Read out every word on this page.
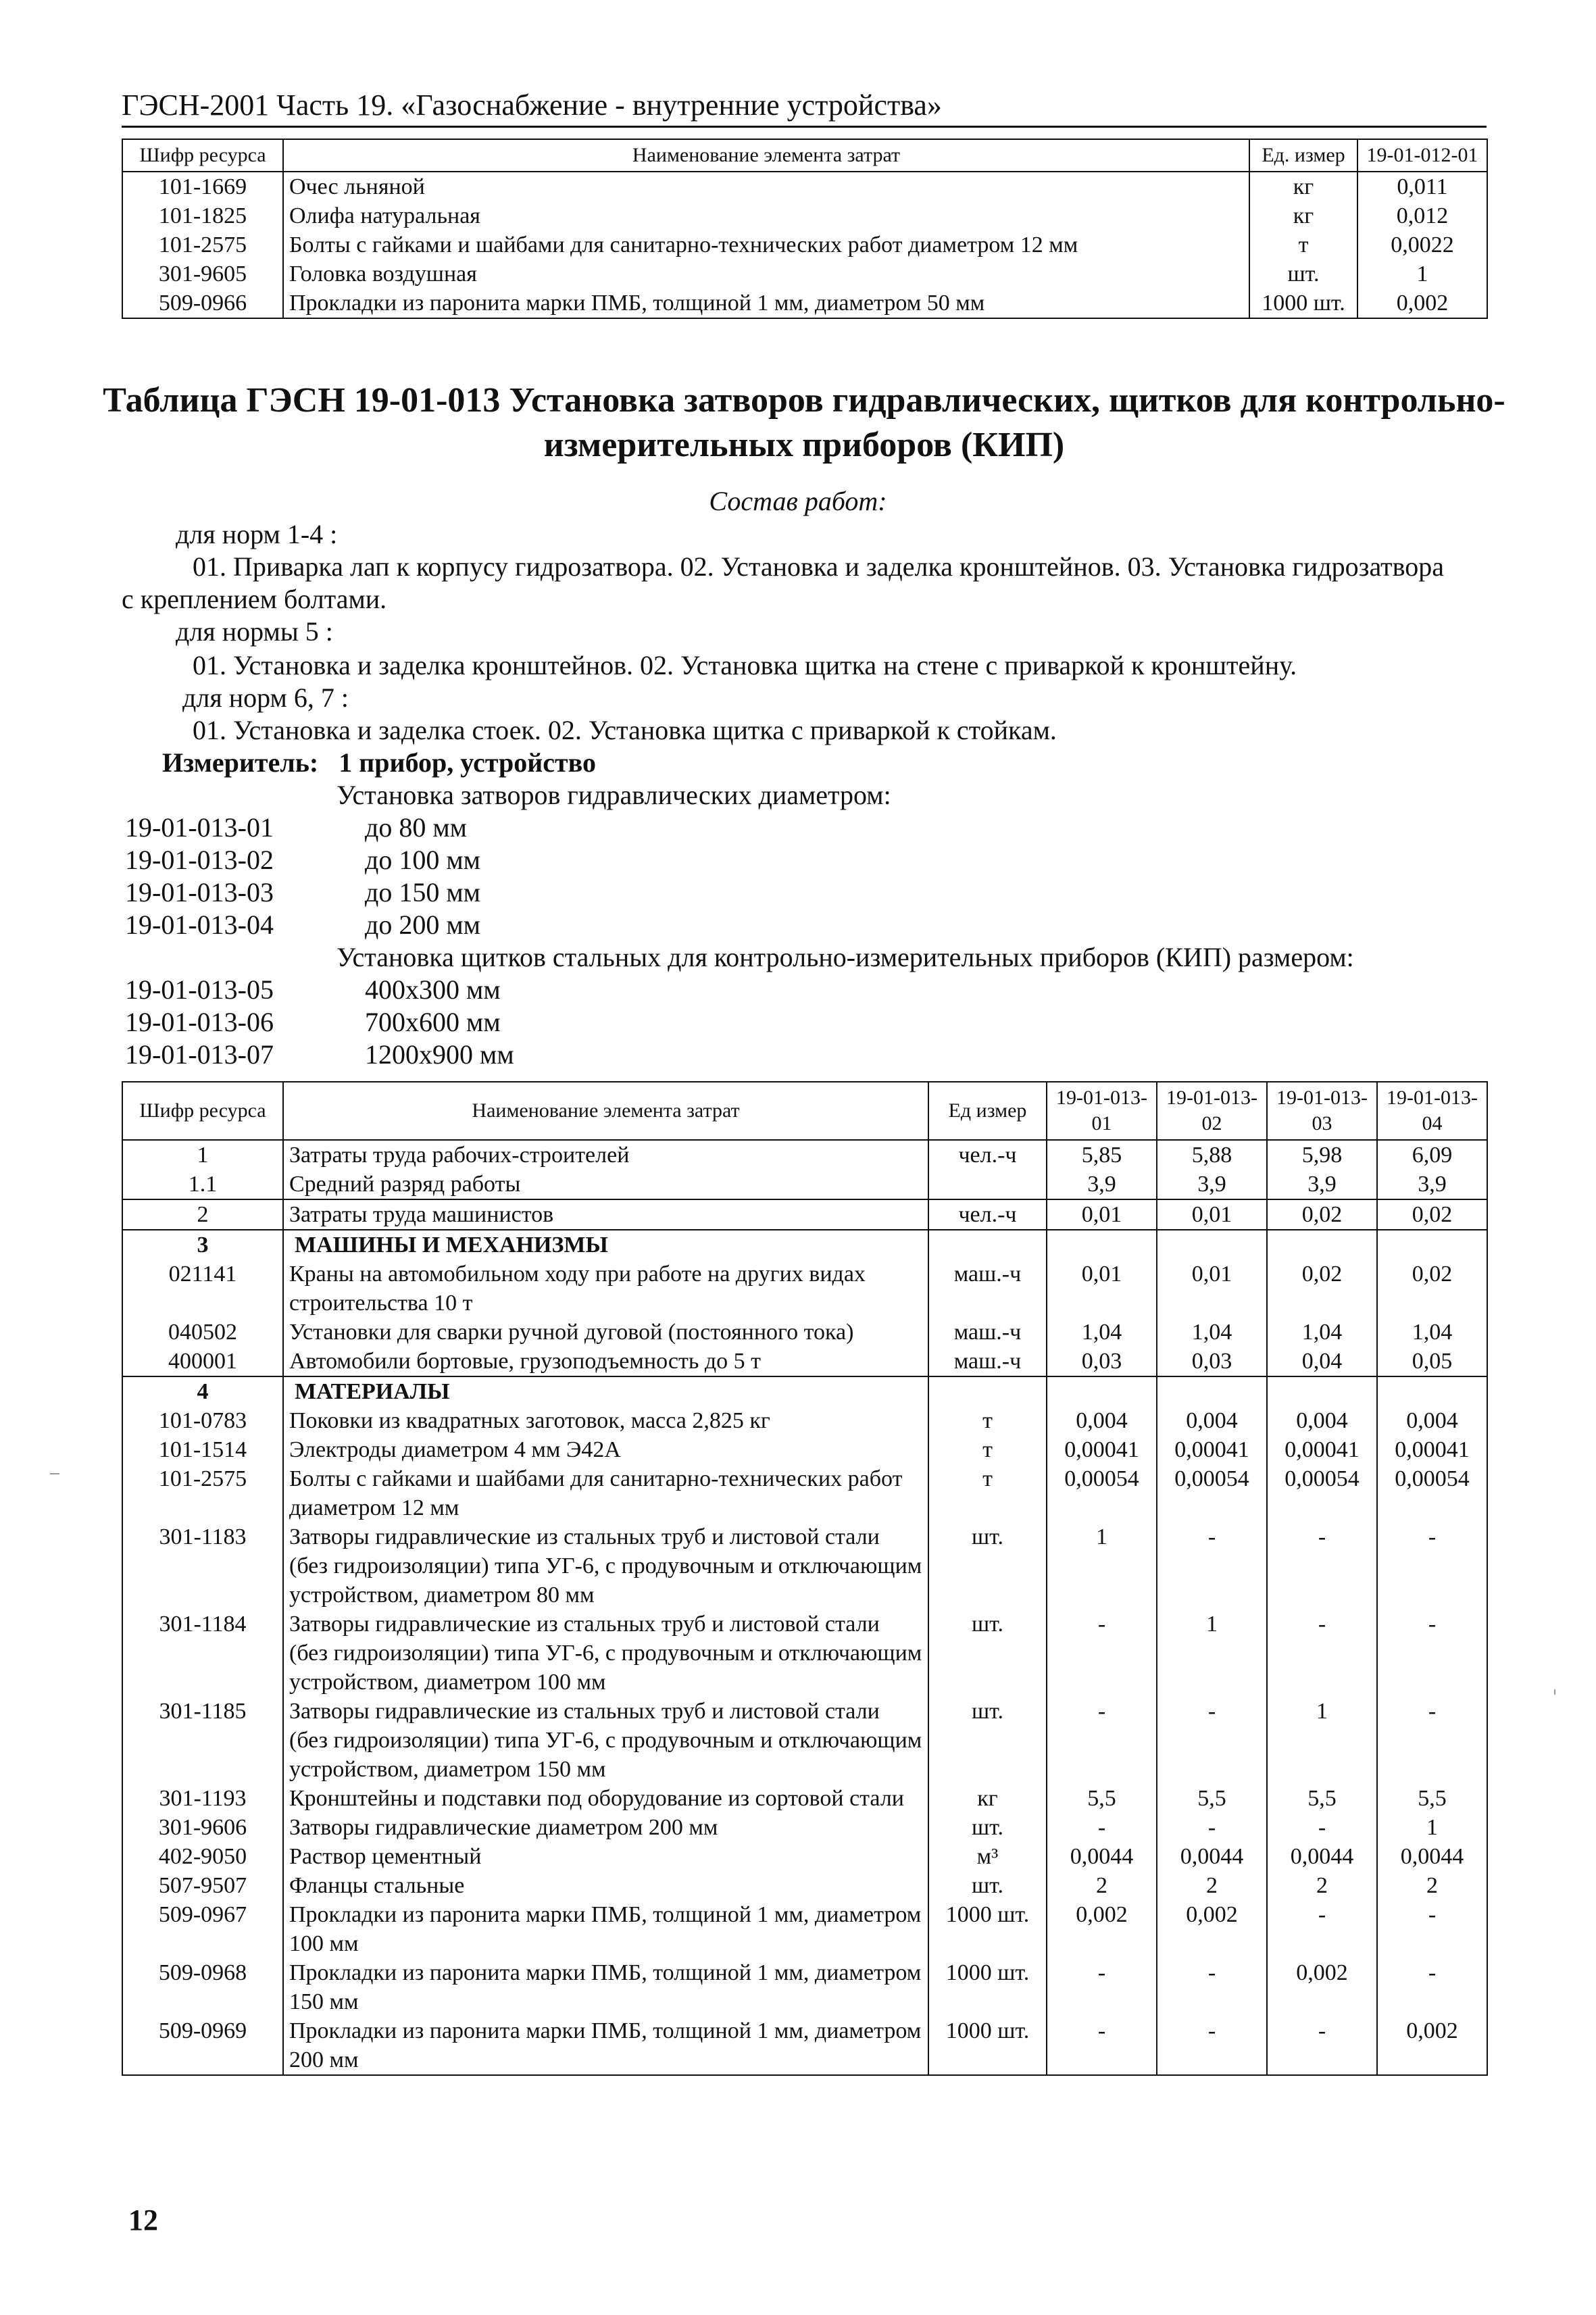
ГЭСН-2001 Часть 19. «Газоснабжение - внутренние устройства»
Шифр ресурса	Наименование элемента затрат	Ед. измер	19-01-012-01
101-1669	Очес льняной	кг	0,011
101-1825	Олифа натуральная	кг	0,012
101-2575	Болты с гайками и шайбами для санитарно-технических работ диаметром 12 мм	т	0,0022
301-9605	Головка воздушная	шт.	1
509-0966	Прокладки из паронита марки ПМБ, толщиной 1 мм, диаметром 50 мм	1000 шт.	0,002
Таблица ГЭСН 19-01-013 Установка затворов гидравлических, щитков для контрольно-
измерительных приборов (КИП)
Состав работ:
для норм 1-4 :
01. Приварка лап к корпусу гидрозатвора. 02. Установка и заделка кронштейнов. 03. Установка гидрозатвора
с креплением болтами.
для нормы 5 :
01. Установка и заделка кронштейнов. 02. Установка щитка на стене с приваркой к кронштейну.
для норм 6, 7 :
01. Установка и заделка стоек. 02. Установка щитка с приваркой к стойкам.
Измеритель: 1 прибор, устройство
Установка затворов гидравлических диаметром:
19-01-013-01	до 80 мм
19-01-013-02	до 100 мм
19-01-013-03	до 150 мм
19-01-013-04	до 200 мм
Установка щитков стальных для контрольно-измерительных приборов (КИП) размером:
19-01-013-05	400x300 мм
19-01-013-06	700x600 мм
19-01-013-07	1200x900 мм
Шифр ресурса	Наименование элемента затрат	Ед измер	19-01-013-01	19-01-013-02	19-01-013-03	19-01-013-04
1	Затраты труда рабочих-строителей	чел.-ч	5,85	5,88	5,98	6,09
1.1	Средний разряд работы		3,9	3,9	3,9	3,9
2	Затраты труда машинистов	чел.-ч	0,01	0,01	0,02	0,02
3	МАШИНЫ И МЕХАНИЗМЫ					
021141	Краны на автомобильном ходу при работе на других видах строительства 10 т	маш.-ч	0,01	0,01	0,02	0,02
040502	Установки для сварки ручной дуговой (постоянного тока)	маш.-ч	1,04	1,04	1,04	1,04
400001	Автомобили бортовые, грузоподъемность до 5 т	маш.-ч	0,03	0,03	0,04	0,05
4	МАТЕРИАЛЫ					
101-0783	Поковки из квадратных заготовок, масса 2,825 кг	т	0,004	0,004	0,004	0,004
101-1514	Электроды диаметром 4 мм Э42А	т	0,00041	0,00041	0,00041	0,00041
101-2575	Болты с гайками и шайбами для санитарно-технических работ диаметром 12 мм	т	0,00054	0,00054	0,00054	0,00054
301-1183	Затворы гидравлические из стальных труб и листовой стали (без гидроизоляции) типа УГ-6, с продувочным и отключающим устройством, диаметром 80 мм	шт.	1	-	-	-
301-1184	Затворы гидравлические из стальных труб и листовой стали (без гидроизоляции) типа УГ-6, с продувочным и отключающим устройством, диаметром 100 мм	шт.	-	1	-	-
301-1185	Затворы гидравлические из стальных труб и листовой стали (без гидроизоляции) типа УГ-6, с продувочным и отключающим устройством, диаметром 150 мм	шт.	-	-	1	-
301-1193	Кронштейны и подставки под оборудование из сортовой стали	кг	5,5	5,5	5,5	5,5
301-9606	Затворы гидравлические диаметром 200 мм	шт.	-	-	-	1
402-9050	Раствор цементный	м³	0,0044	0,0044	0,0044	0,0044
507-9507	Фланцы стальные	шт.	2	2	2	2
509-0967	Прокладки из паронита марки ПМБ, толщиной 1 мм, диаметром 100 мм	1000 шт.	0,002	0,002	-	-
509-0968	Прокладки из паронита марки ПМБ, толщиной 1 мм, диаметром 150 мм	1000 шт.	-	-	0,002	-
509-0969	Прокладки из паронита марки ПМБ, толщиной 1 мм, диаметром 200 мм	1000 шт.	-	-	-	0,002
12
